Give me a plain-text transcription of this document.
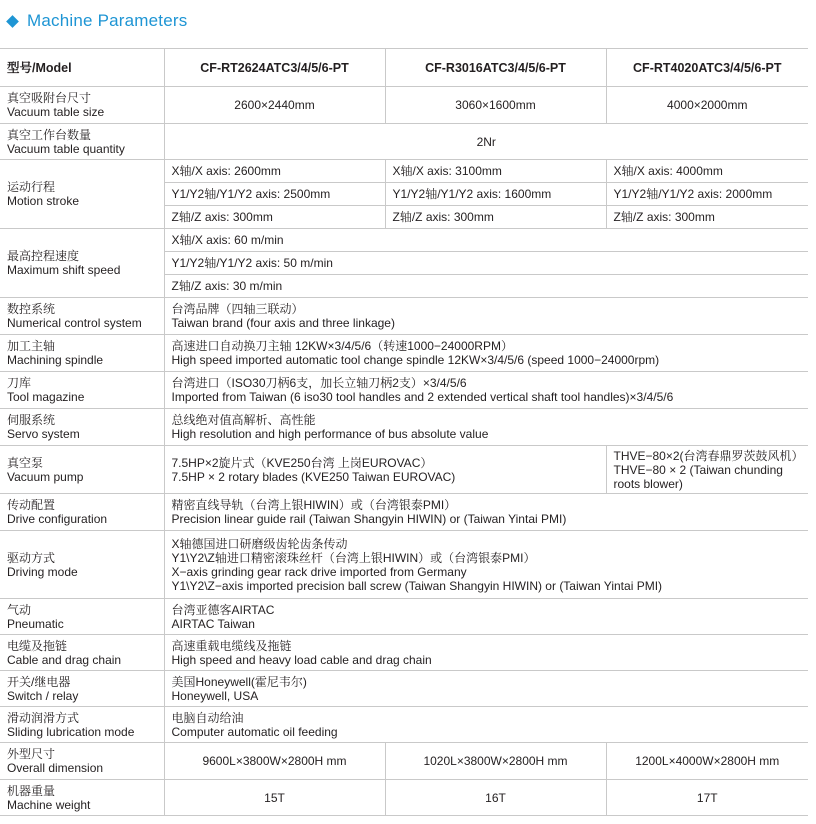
Machine Parameters
型号/Model	CF-RT2624ATC3/4/5/6-PT	CF-R3016ATC3/4/5/6-PT	CF-RT4020ATC3/4/5/6-PT

真空吸附台尺寸
Vacuum table size	2600×2440mm	3060×1600mm	4000×2000mm

真空工作台数量
Vacuum table quantity	2Nr		

运动行程
Motion stroke	X轴/X axis: 2600mm	X轴/X axis: 3100mm	X轴/X axis: 4000mm
	Y1/Y2轴/Y1/Y2 axis: 2500mm	Y1/Y2轴/Y1/Y2 axis: 1600mm	Y1/Y2轴/Y1/Y2 axis: 2000mm
	Z轴/Z axis: 300mm	Z轴/Z axis: 300mm	Z轴/Z axis: 300mm

最高控程速度
Maximum shift speed	X轴/X axis: 60 m/min		
	Y1/Y2轴/Y1/Y2 axis: 50 m/min		
	Z轴/Z axis: 30 m/min		

数控系统
Numerical control system	台湾品牌（四轴三联动）
Taiwan brand (four axis and three linkage)		

加工主轴
Machining spindle	高速进口自动换刀主轴 12KW×3/4/5/6（转速1000−24000RPM）
High speed imported automatic tool change spindle 12KW×3/4/5/6 (speed 1000−24000rpm)		

刀库
Tool magazine	台湾进口（ISO30刀柄6支，加长立轴刀柄2支）×3/4/5/6
Imported from Taiwan (6 iso30 tool handles and 2 extended vertical shaft tool handles)×3/4/5/6		

伺服系统
Servo system	总线绝对值高解析、高性能
High resolution and high performance of bus absolute value		

真空泵
Vacuum pump	7.5HP×2旋片式（KVE250台湾 上岗EUROVAC）
7.5HP × 2 rotary blades (KVE250 Taiwan EUROVAC)		THVE−80×2(台湾春鼎罗茨鼓风机）
THVE−80 × 2 (Taiwan chunding
roots blower)

传动配置
Drive configuration	精密直线导轨（台湾上银HIWIN）或（台湾银泰PMI）
Precision linear guide rail (Taiwan Shangyin HIWIN) or (Taiwan Yintai PMI)		

驱动方式
Driving mode	X轴德国进口研磨级齿轮齿条传动
Y1\Y2\Z轴进口精密滚珠丝杆（台湾上银HIWIN）或（台湾银泰PMI）
X−axis grinding gear rack drive imported from Germany
Y1\Y2\Z−axis imported precision ball screw (Taiwan Shangyin HIWIN) or (Taiwan Yintai PMI)		

气动
Pneumatic	台湾亚德客AIRTAC
AIRTAC Taiwan		

电缆及拖链
Cable and drag chain	高速重载电缆线及拖链
High speed and heavy load cable and drag chain		

开关/继电器
Switch / relay	美国Honeywell(霍尼韦尔)
Honeywell, USA		

滑动润滑方式
Sliding lubrication mode	电脑自动给油
Computer automatic oil feeding		

外型尺寸
Overall dimension	9600L×3800W×2800H mm	1020L×3800W×2800H mm	1200L×4000W×2800H mm

机器重量
Machine weight	15T	16T	17T
